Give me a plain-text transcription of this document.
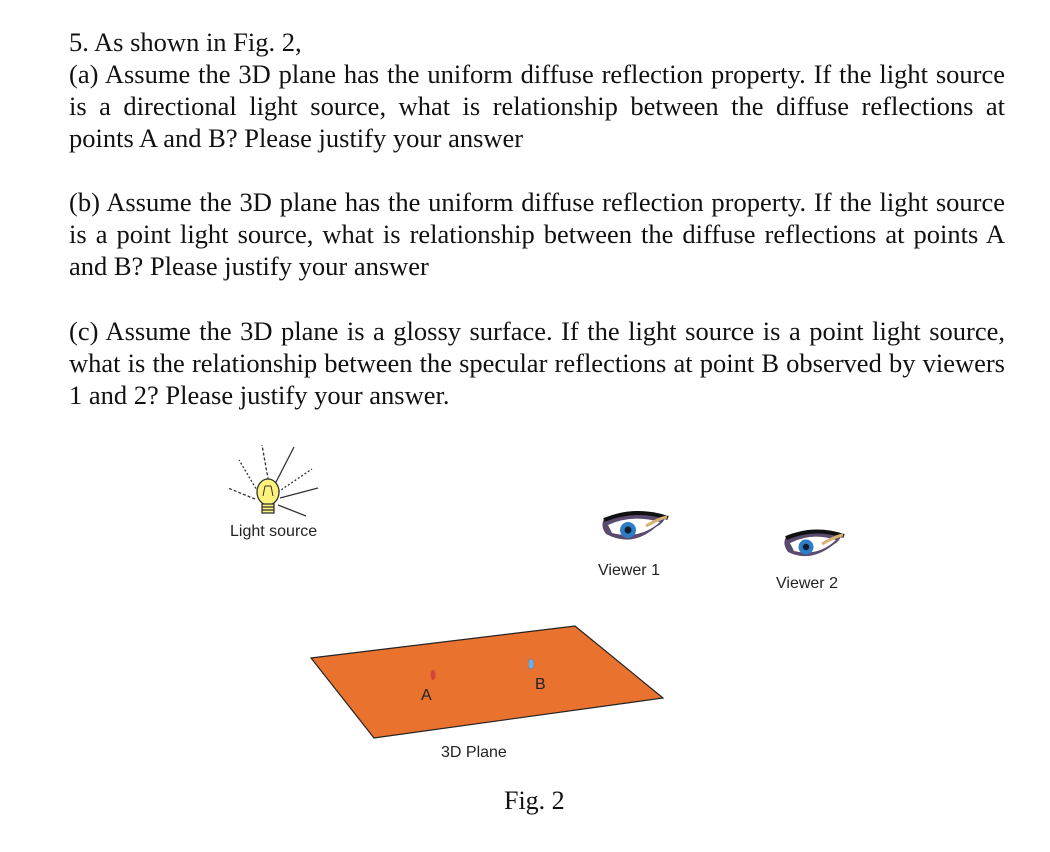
5. As shown in Fig. 2,

(a) Assume the 3D plane has the uniform diffuse reflection property. If the light source is a directional light source, what is relationship between the diffuse reflections at points A and B? Please justify your answer

(b) Assume the 3D plane has the uniform diffuse reflection property. If the light source is a point light source, what is relationship between the diffuse reflections at points A and B? Please justify your answer

(c) Assume the 3D plane is a glossy surface. If the light source is a point light source, what is the relationship between the specular reflections at point B observed by viewers 1 and 2? Please justify your answer.

Light source
Viewer 1
Viewer 2
A
B
3D Plane
Fig. 2
